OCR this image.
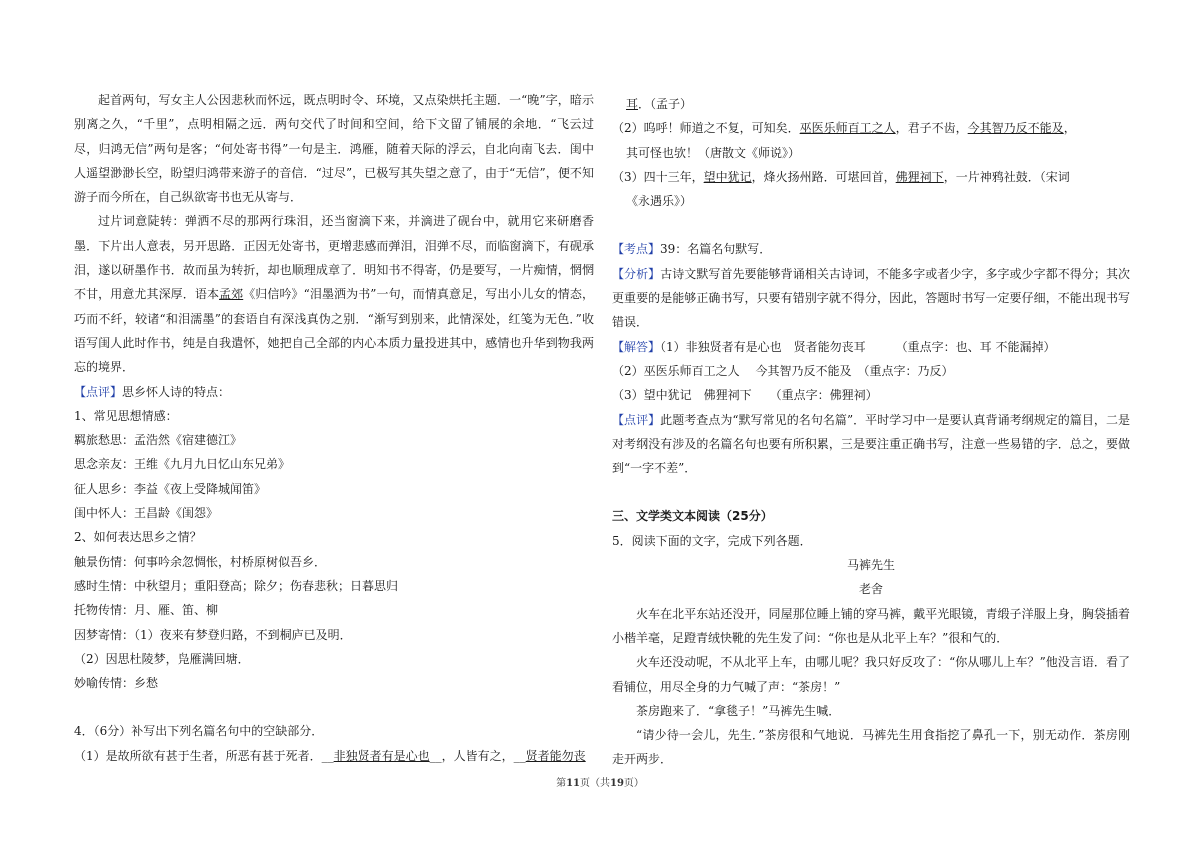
起首两句，写女主人公因悲秋而怀远，既点明时令、环境，又点染烘托主题．一“晚”字，暗示别离之久，“千里”，点明相隔之远．两句交代了时间和空间，给下文留了铺展的余地．“飞云过尽，归鸿无信”两句是客；“何处寄书得”一句是主．鸿雁，随着天际的浮云，自北向南飞去．闺中人遥望渺渺长空，盼望归鸿带来游子的音信．“过尽”，已极写其失望之意了，由于“无信”，便不知游子而今所在，自己纵欲寄书也无从寄与．

过片词意陡转：弹洒不尽的那两行珠泪，还当窗滴下来，并滴进了砚台中，就用它来研磨香墨．下片出人意表，另开思路．正因无处寄书，更增悲感而弹泪，泪弹不尽，而临窗滴下，有砚承泪，遂以研墨作书．故而虽为转折，却也顺理成章了．明知书不得寄，仍是要写，一片痴情，惘惘不甘，用意尤其深厚．语本孟郊《归信吟》“泪墨洒为书”一句，而情真意足，写出小儿女的情态，巧而不纤，较诸“和泪濡墨”的套语自有深浅真伪之别．“渐写到别来，此情深处，红笺为无色．”收语写闺人此时作书，纯是自我遣怀，她把自己全部的内心本质力量投进其中，感情也升华到物我两忘的境界．

【点评】思乡怀人诗的特点：

1、常见思想情感：

羁旅愁思：孟浩然《宿建德江》

思念亲友：王维《九月九日忆山东兄弟》

征人思乡：李益《夜上受降城闻笛》

闺中怀人：王昌龄《闺怨》

2、如何表达思乡之情？

触景伤情：何事吟余忽惆怅，村桥原树似吾乡．

感时生情：中秋望月；重阳登高；除夕；伤春悲秋；日暮思归

托物传情：月、雁、笛、柳

因梦寄情：（1）夜来有梦登归路，不到桐庐已及明．

（2）因思杜陵梦，凫雁满回塘．

妙喻传情：乡愁

4．（6分）补写出下列名篇名句中的空缺部分．

（1）是故所欲有甚于生者，所恶有甚于死者．__非独贤者有是心也__，人皆有之，__贤者能勿丧

耳．（孟子）

（2）呜呼！师道之不复，可知矣．巫医乐师百工之人，君子不齿，今其智乃反不能及，

其可怪也欤！（唐散文《师说》）

（3）四十三年，望中犹记，烽火扬州路．可堪回首，佛狸祠下，一片神鸦社鼓．（宋词

《永遇乐》）

【考点】39：名篇名句默写．

【分析】古诗文默写首先要能够背诵相关古诗词，不能多字或者少字，多字或少字都不得分；其次更重要的是能够正确书写，只要有错别字就不得分，因此，答题时书写一定要仔细，不能出现书写错误．

【解答】（1）非独贤者有是心也　贤者能勿丧耳　　　（重点字：也、耳 不能漏掉）

（2）巫医乐师百工之人　 今其智乃反不能及　（重点字：乃反）

（3）望中犹记　佛狸祠下　　（重点字：佛狸祠）

【点评】此题考查点为“默写常见的名句名篇”．平时学习中一是要认真背诵考纲规定的篇目，二是对考纲没有涉及的名篇名句也要有所积累，三是要注重正确书写，注意一些易错的字．总之，要做到“一字不差”．

三、文学类文本阅读（25分）

5．阅读下面的文字，完成下列各题．

马裤先生

老舍

火车在北平东站还没开，同屋那位睡上铺的穿马裤，戴平光眼镜，青缎子洋服上身，胸袋插着小楷羊毫，足蹬青绒快靴的先生发了问：“你也是从北平上车？”很和气的．

火车还没动呢，不从北平上车，由哪儿呢？我只好反攻了：“你从哪儿上车？”他没言语．看了看铺位，用尽全身的力气喊了声：“茶房！”

茶房跑来了．“拿毯子！”马裤先生喊．

“请少待一会儿，先生．”茶房很和气地说．马裤先生用食指挖了鼻孔一下，别无动作．茶房刚走开两步．

第11页（共19页）
